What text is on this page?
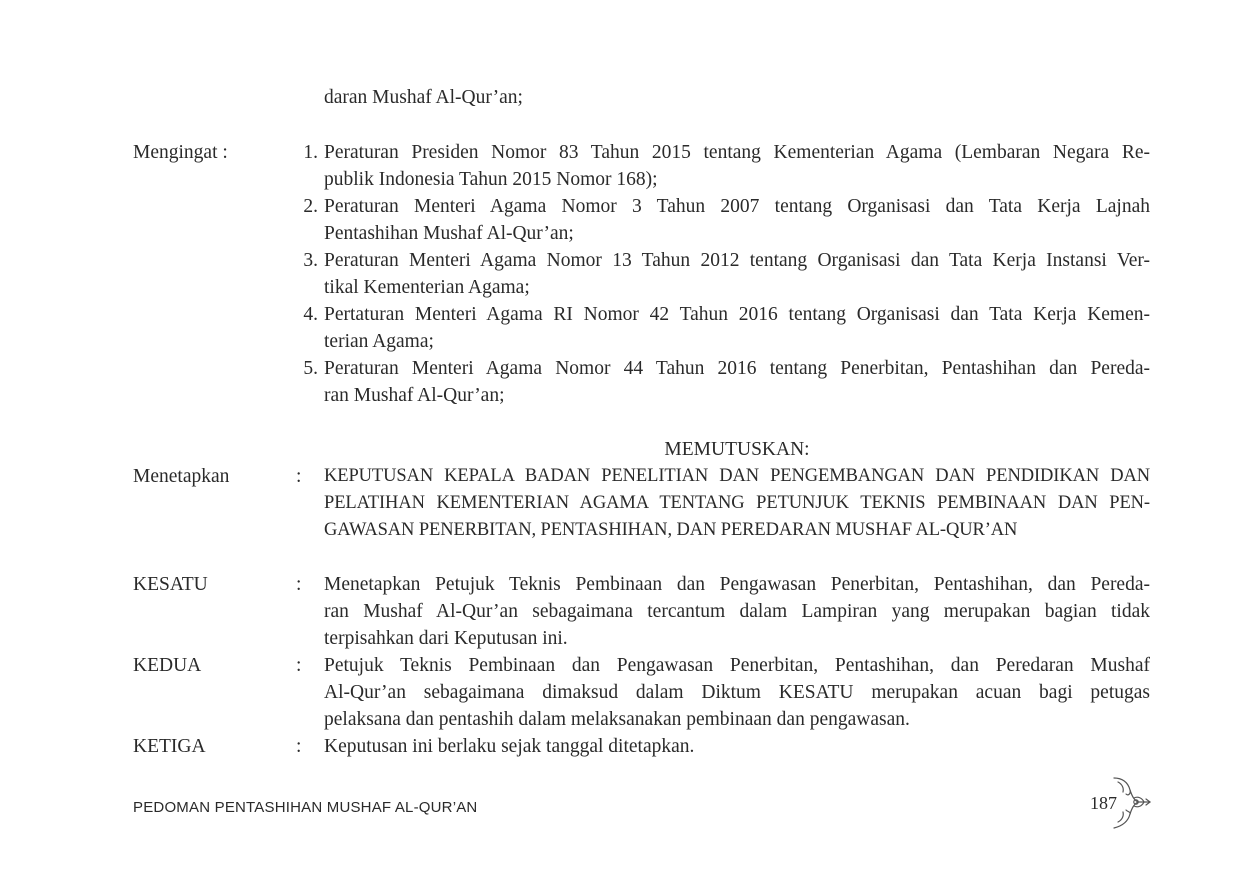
daran Mushaf Al-Qur’an;
Mengingat :	1. Peraturan Presiden Nomor 83 Tahun 2015 tentang Kementerian Agama (Lembaran Negara Re-
publik Indonesia Tahun 2015 Nomor 168);
2. Peraturan Menteri Agama Nomor 3 Tahun 2007 tentang Organisasi dan Tata Kerja Lajnah
Pentashihan Mushaf Al-Qur’an;
3. Peraturan Menteri Agama Nomor 13 Tahun 2012 tentang Organisasi dan Tata Kerja Instansi Ver-
tikal Kementerian Agama;
4. Pertaturan Menteri Agama RI Nomor 42 Tahun 2016 tentang Organisasi dan Tata Kerja Kemen-
terian Agama;
5. Peraturan Menteri Agama Nomor 44 Tahun 2016 tentang Penerbitan, Pentashihan dan Pereda-
ran Mushaf Al-Qur’an;
MEMUTUSKAN:
Menetapkan	: KEPUTUSAN KEPALA BADAN PENELITIAN DAN PENGEMBANGAN DAN PENDIDIKAN DAN
PELATIHAN KEMENTERIAN AGAMA TENTANG PETUNJUK TEKNIS PEMBINAAN DAN PEN-
GAWASAN PENERBITAN, PENTASHIHAN, DAN PEREDARAN MUSHAF AL-QUR’AN
KESATU	: Menetapkan Petujuk Teknis Pembinaan dan Pengawasan Penerbitan, Pentashihan, dan Pereda-
ran Mushaf Al-Qur’an sebagaimana tercantum dalam Lampiran yang merupakan bagian tidak
terpisahkan dari Keputusan ini.
KEDUA	: Petujuk Teknis Pembinaan dan Pengawasan Penerbitan, Pentashihan, dan Peredaran Mushaf
Al-Qur’an sebagaimana dimaksud dalam Diktum KESATU merupakan acuan bagi petugas
pelaksana dan pentashih dalam melaksanakan pembinaan dan pengawasan.
KETIGA	: Keputusan ini berlaku sejak tanggal ditetapkan.
PEDOMAN PENTASHIHAN MUSHAF AL-QUR’AN	187
